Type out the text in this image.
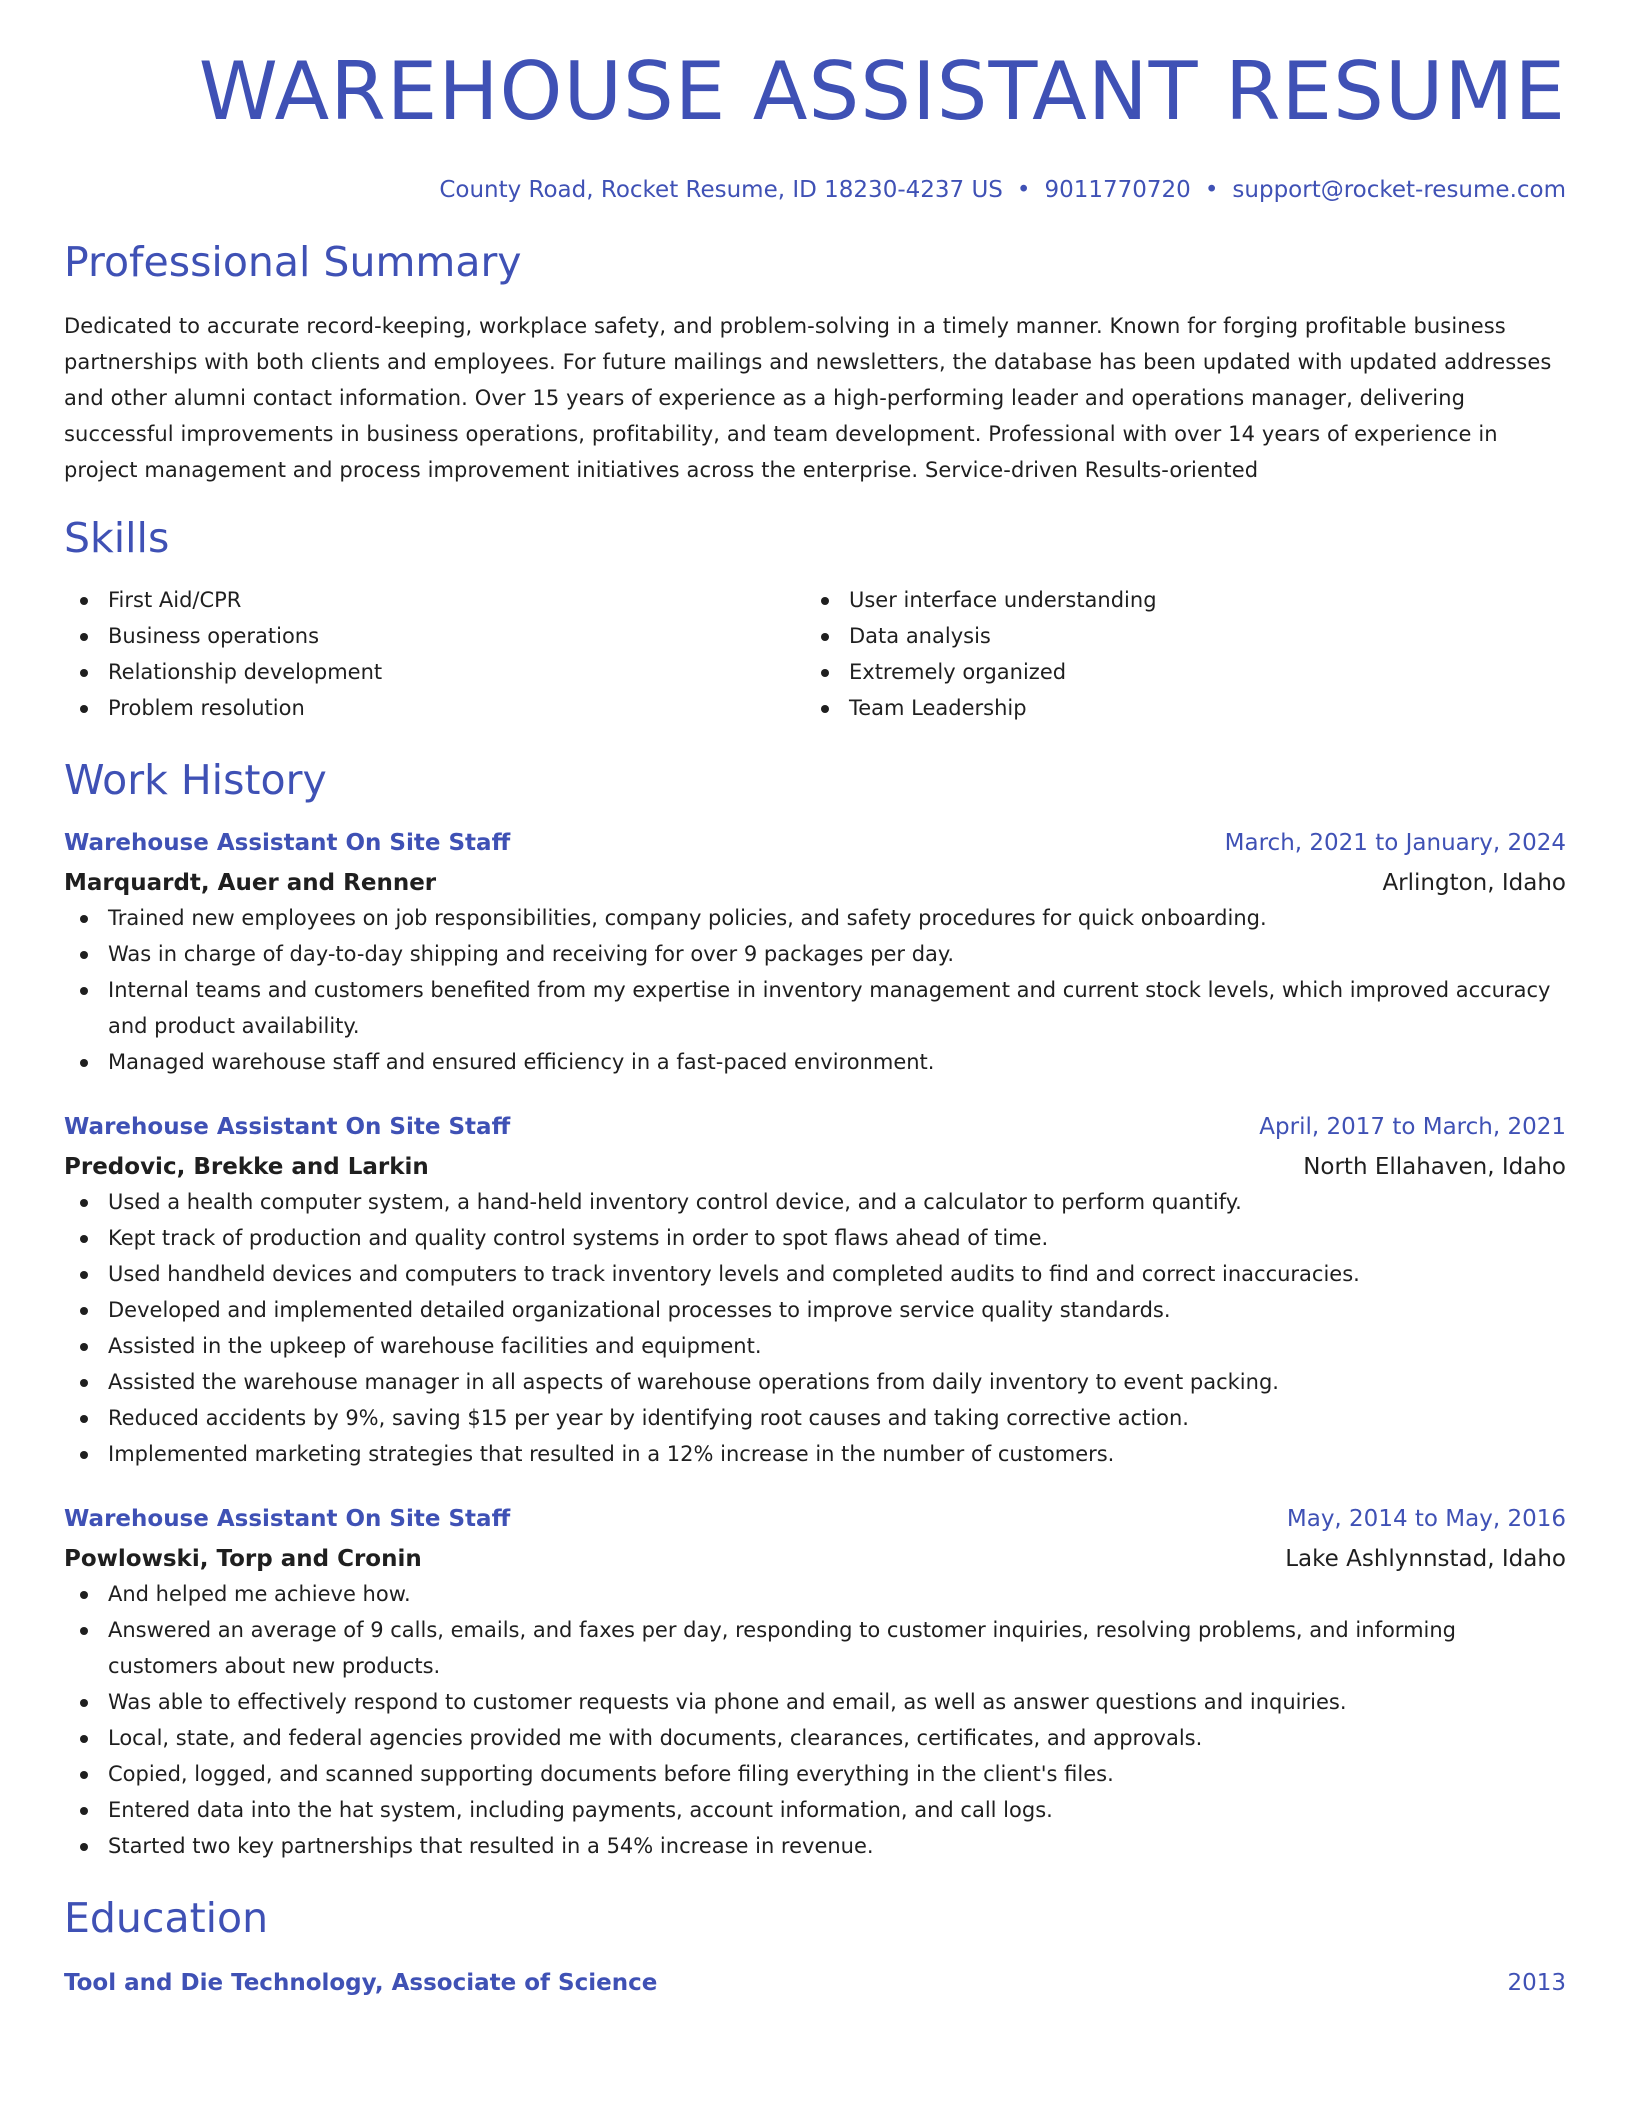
WAREHOUSE ASSISTANT RESUME
County Road, Rocket Resume, ID 18230-4237 US • 9011770720 • support@rocket-resume.com
Professional Summary
Dedicated to accurate record-keeping, workplace safety, and problem-solving in a timely manner. Known for forging profitable business partnerships with both clients and employees. For future mailings and newsletters, the database has been updated with updated addresses and other alumni contact information. Over 15 years of experience as a high-performing leader and operations manager, delivering successful improvements in business operations, profitability, and team development. Professional with over 14 years of experience in project management and process improvement initiatives across the enterprise. Service-driven Results-oriented
Skills
First Aid/CPR
Business operations
Relationship development
Problem resolution
User interface understanding
Data analysis
Extremely organized
Team Leadership
Work History
Warehouse Assistant On Site Staff	March, 2021 to January, 2024
Marquardt, Auer and Renner	Arlington, Idaho
Trained new employees on job responsibilities, company policies, and safety procedures for quick onboarding.
Was in charge of day-to-day shipping and receiving for over 9 packages per day.
Internal teams and customers benefited from my expertise in inventory management and current stock levels, which improved accuracy and product availability.
Managed warehouse staff and ensured efficiency in a fast-paced environment.
Warehouse Assistant On Site Staff	April, 2017 to March, 2021
Predovic, Brekke and Larkin	North Ellahaven, Idaho
Used a health computer system, a hand-held inventory control device, and a calculator to perform quantify.
Kept track of production and quality control systems in order to spot flaws ahead of time.
Used handheld devices and computers to track inventory levels and completed audits to find and correct inaccuracies.
Developed and implemented detailed organizational processes to improve service quality standards.
Assisted in the upkeep of warehouse facilities and equipment.
Assisted the warehouse manager in all aspects of warehouse operations from daily inventory to event packing.
Reduced accidents by 9%, saving $15 per year by identifying root causes and taking corrective action.
Implemented marketing strategies that resulted in a 12% increase in the number of customers.
Warehouse Assistant On Site Staff	May, 2014 to May, 2016
Powlowski, Torp and Cronin	Lake Ashlynnstad, Idaho
And helped me achieve how.
Answered an average of 9 calls, emails, and faxes per day, responding to customer inquiries, resolving problems, and informing customers about new products.
Was able to effectively respond to customer requests via phone and email, as well as answer questions and inquiries.
Local, state, and federal agencies provided me with documents, clearances, certificates, and approvals.
Copied, logged, and scanned supporting documents before filing everything in the client's files.
Entered data into the hat system, including payments, account information, and call logs.
Started two key partnerships that resulted in a 54% increase in revenue.
Education
Tool and Die Technology, Associate of Science	2013
